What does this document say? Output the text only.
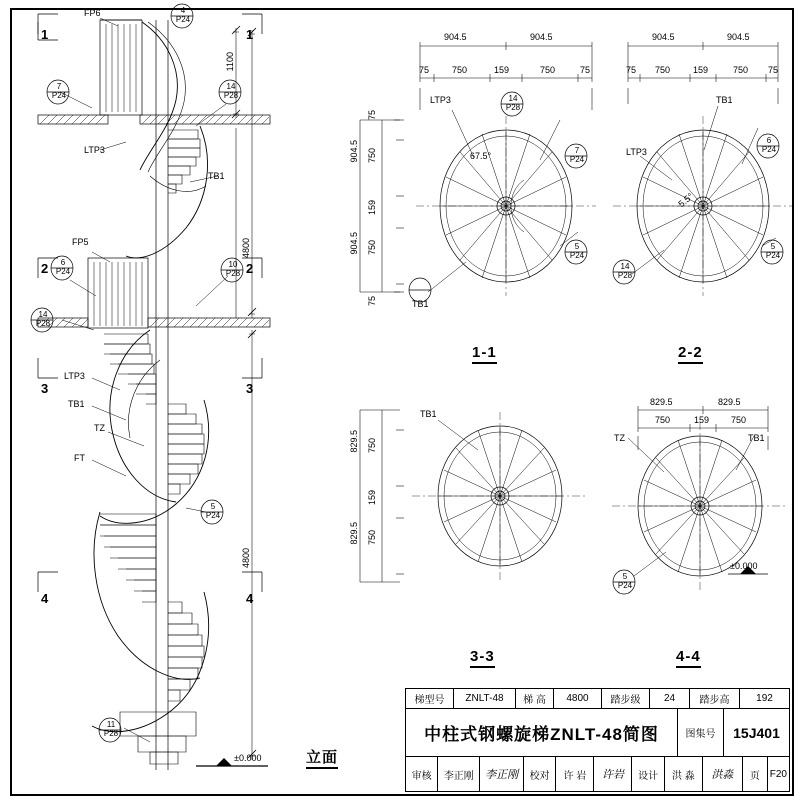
1	1
2	2
3	3
4	4
FP6
FP5
LTP3
TB1
LTP3
TB1
TZ
FT
1100
4800
4800
±0.000	立面
4
P24
7
P24
14
P28
6
P24
14
P28
10
P28
5
P24
11
P28
904.5	904.5
75	750	159	750	75
75
904.5 750
159
904.5 750
75
LTP3
TB1
67.5°
14
P28
7
P24
5
P24
1-1
904.5	904.5
75 750	159	750 75
TB1
LTP3
5.5°
6
P24
14
P28
5
P24
2-2
829.5 750
159
829.5 750
TB1
3-3
829.5	829.5
750	159 750
TZ	TB1
±0.000
5
P24
4-4
梯型号	ZNLT-48	梯 高	4800	踏步级	24	踏步高	192
中柱式钢螺旋梯ZNLT-48简图	图集号	15J401
审核	李正刚	李正刚	校对	许 岩	许岩	设计	洪 淼	洪淼	页 F20
